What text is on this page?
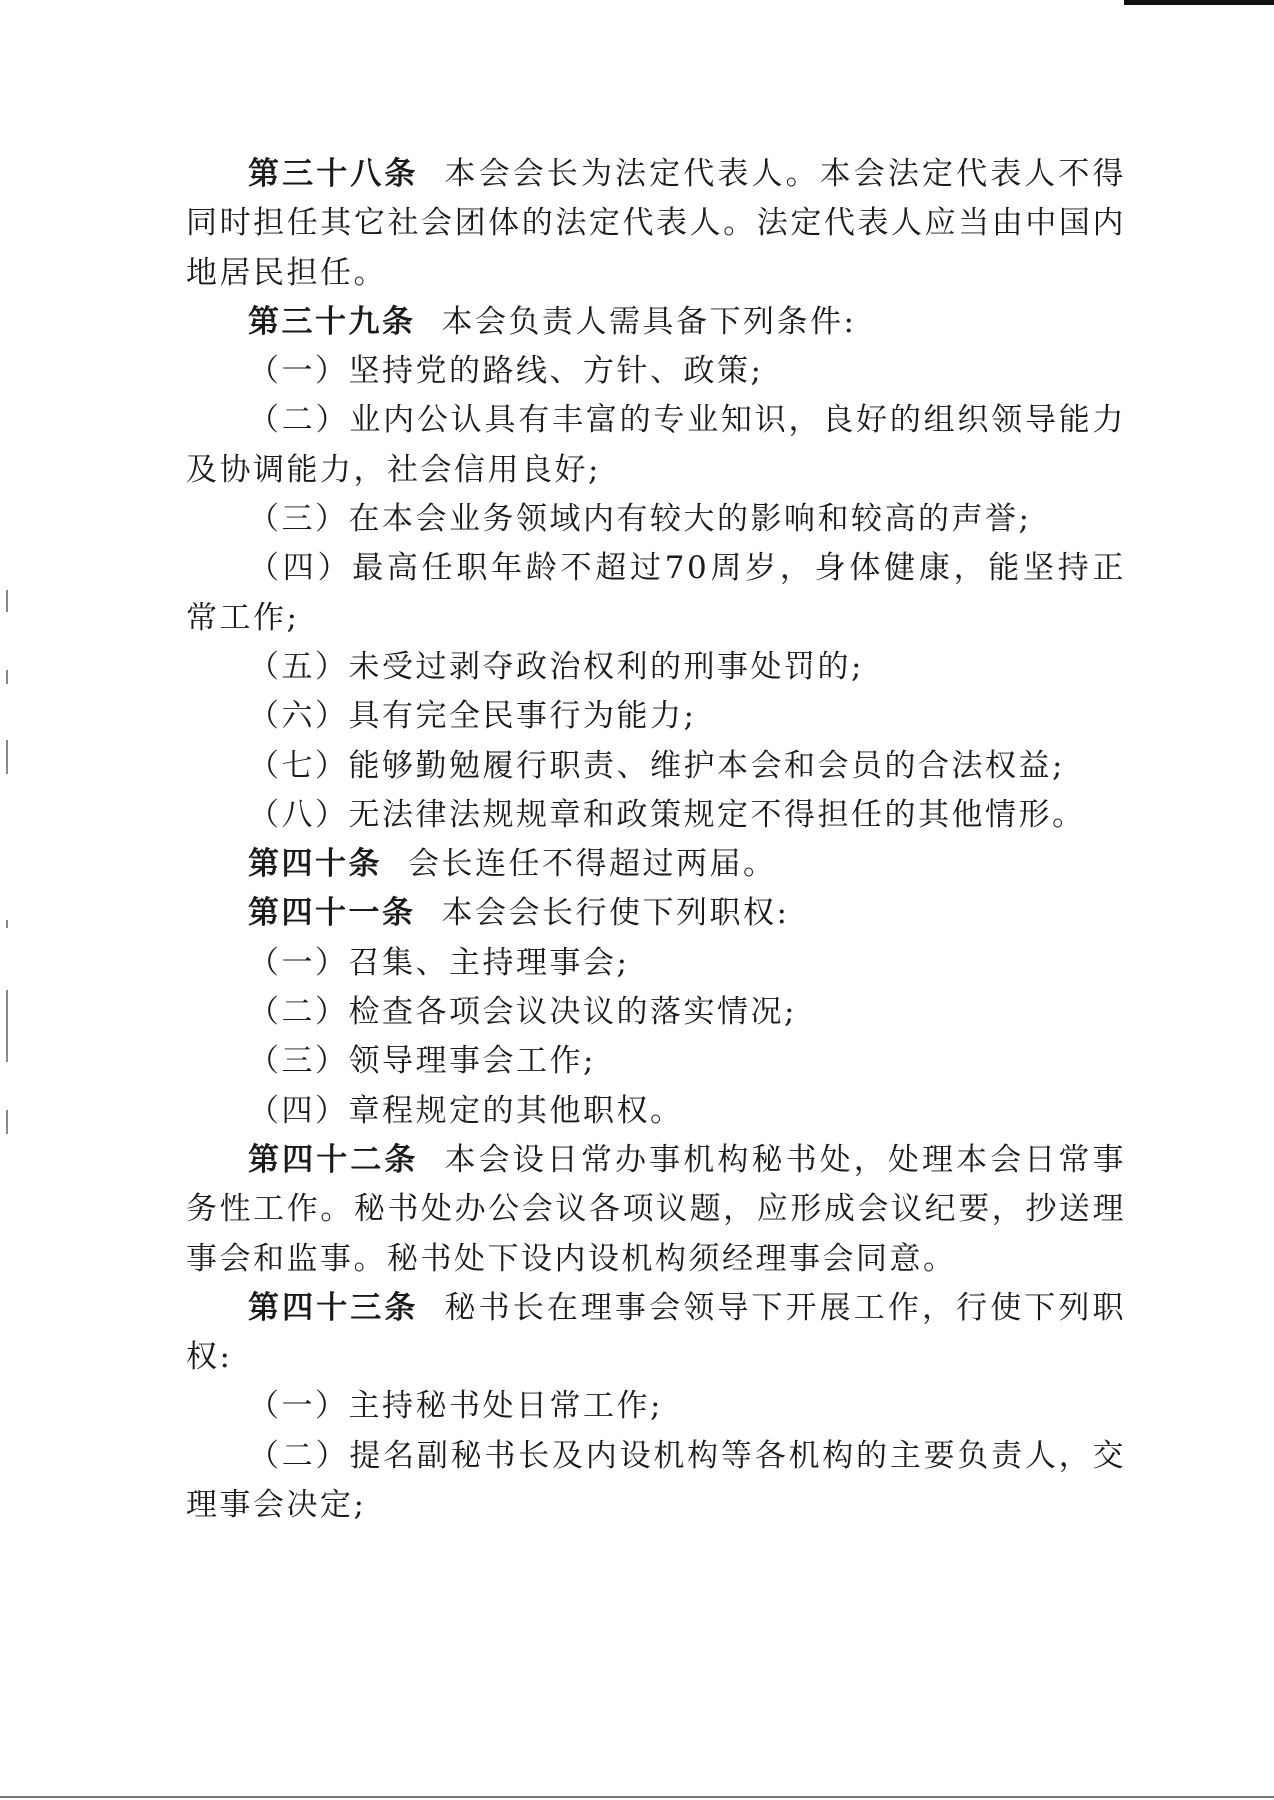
第三十八条 本会会长为法定代表人。本会法定代表人不得同时担任其它社会团体的法定代表人。法定代表人应当由中国内地居民担任。

第三十九条 本会负责人需具备下列条件:

（一）坚持党的路线、方针、政策;

（二）业内公认具有丰富的专业知识，良好的组织领导能力及协调能力，社会信用良好;

（三）在本会业务领域内有较大的影响和较高的声誉;

（四）最高任职年龄不超过70周岁，身体健康，能坚持正常工作;

（五）未受过剥夺政治权利的刑事处罚的;

（六）具有完全民事行为能力;

（七）能够勤勉履行职责、维护本会和会员的合法权益;

（八）无法律法规规章和政策规定不得担任的其他情形。

第四十条 会长连任不得超过两届。

第四十一条 本会会长行使下列职权:

（一）召集、主持理事会;

（二）检查各项会议决议的落实情况;

（三）领导理事会工作;

（四）章程规定的其他职权。

第四十二条 本会设日常办事机构秘书处，处理本会日常事务性工作。秘书处办公会议各项议题，应形成会议纪要，抄送理事会和监事。秘书处下设内设机构须经理事会同意。

第四十三条 秘书长在理事会领导下开展工作，行使下列职权:

（一）主持秘书处日常工作;

（二）提名副秘书长及内设机构等各机构的主要负责人，交理事会决定;
